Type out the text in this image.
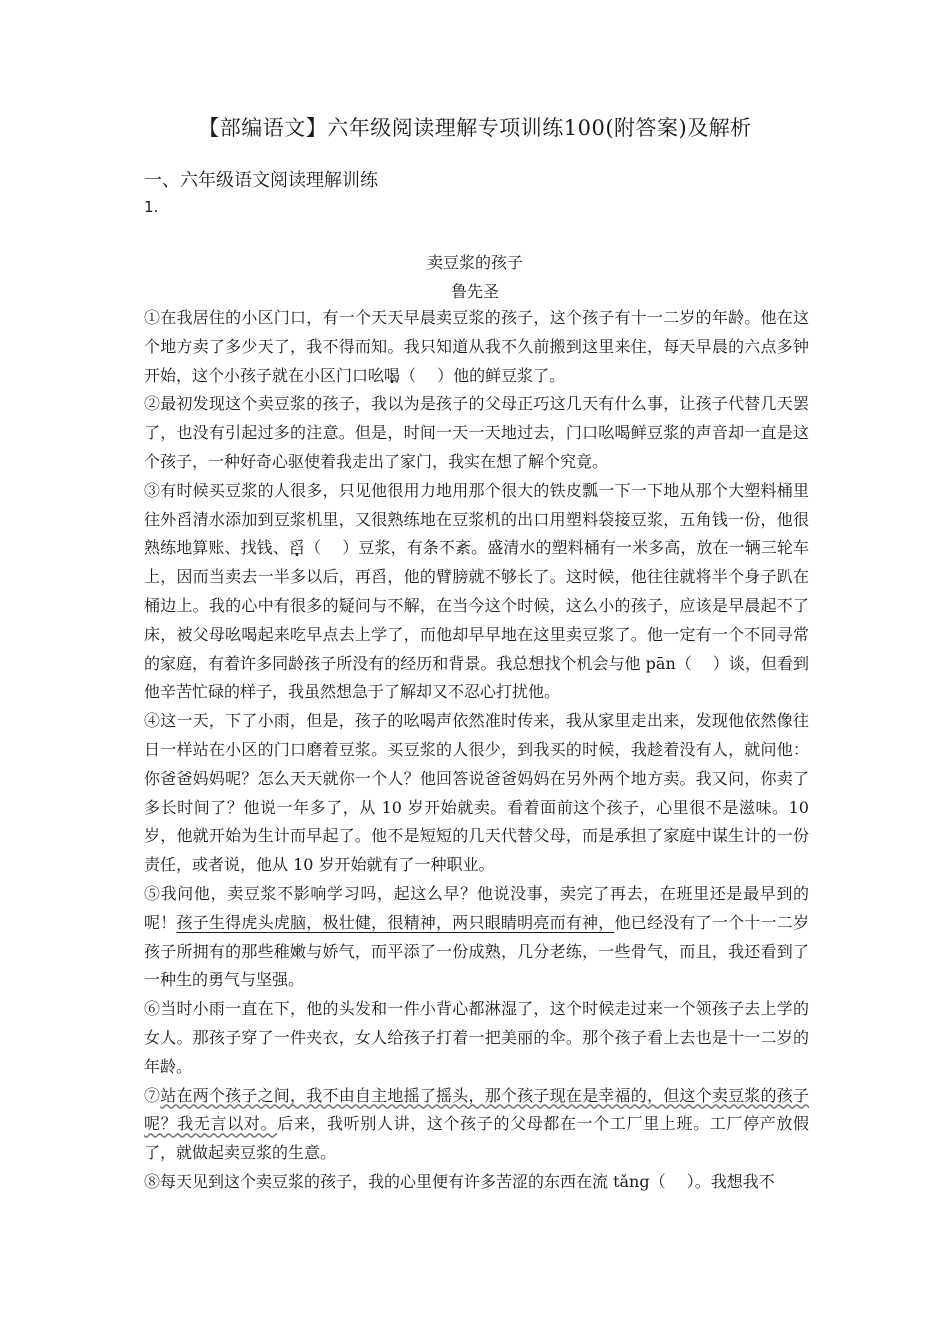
【部编语文】六年级阅读理解专项训练100(附答案)及解析
一、六年级语文阅读理解训练
1.
卖豆浆的孩子
鲁先圣

①在我居住的小区门口，有一个天天早晨卖豆浆的孩子，这个孩子有十一二岁的年龄。他在这个地方卖了多少天了，我不得而知。我只知道从我不久前搬到这里来住，每天早晨的六点多钟开始，这个小孩子就在小区门口吆喝（　 ）他的鲜豆浆了。

②最初发现这个卖豆浆的孩子，我以为是孩子的父母正巧这几天有什么事，让孩子代替几天罢了，也没有引起过多的注意。但是，时间一天一天地过去，门口吆喝鲜豆浆的声音却一直是这个孩子，一种好奇心驱使着我走出了家门，我实在想了解个究竟。

③有时候买豆浆的人很多，只见他很用力地用那个很大的铁皮瓢一下一下地从那个大塑料桶里往外舀清水添加到豆浆机里，又很熟练地在豆浆机的出口用塑料袋接豆浆，五角钱一份，他很熟练地算账、找钱、舀（　 ）豆浆，有条不紊。盛清水的塑料桶有一米多高，放在一辆三轮车上，因而当卖去一半多以后，再舀，他的臂膀就不够长了。这时候，他往往就将半个身子趴在桶边上。我的心中有很多的疑问与不解，在当今这个时候，这么小的孩子，应该是早晨起不了床，被父母吆喝起来吃早点去上学了，而他却早早地在这里卖豆浆了。他一定有一个不同寻常的家庭，有着许多同龄孩子所没有的经历和背景。我总想找个机会与他 pān（　 ）谈，但看到他辛苦忙碌的样子，我虽然想急于了解却又不忍心打扰他。

④这一天，下了小雨，但是，孩子的吆喝声依然准时传来，我从家里走出来，发现他依然像往日一样站在小区的门口磨着豆浆。买豆浆的人很少，到我买的时候，我趁着没有人，就问他：你爸爸妈妈呢？怎么天天就你一个人？他回答说爸爸妈妈在另外两个地方卖。我又问，你卖了多长时间了？他说一年多了，从 10 岁开始就卖。看着面前这个孩子，心里很不是滋味。10 岁，他就开始为生计而早起了。他不是短短的几天代替父母，而是承担了家庭中谋生计的一份责任，或者说，他从 10 岁开始就有了一种职业。

⑤我问他，卖豆浆不影响学习吗，起这么早？他说没事，卖完了再去，在班里还是最早到的呢！孩子生得虎头虎脑，极壮健，很精神，两只眼睛明亮而有神，他已经没有了一个十一二岁孩子所拥有的那些稚嫩与娇气，而平添了一份成熟，几分老练，一些骨气，而且，我还看到了一种生的勇气与坚强。

⑥当时小雨一直在下，他的头发和一件小背心都淋湿了，这个时候走过来一个领孩子去上学的女人。那孩子穿了一件夹衣，女人给孩子打着一把美丽的伞。那个孩子看上去也是十一二岁的年龄。

⑦站在两个孩子之间，我不由自主地摇了摇头，那个孩子现在是幸福的，但这个卖豆浆的孩子呢？我无言以对。后来，我听别人讲，这个孩子的父母都在一个工厂里上班。工厂停产放假了，就做起卖豆浆的生意。

⑧每天见到这个卖豆浆的孩子，我的心里便有许多苦涩的东西在流 tǎng（　 ）。我想我不
